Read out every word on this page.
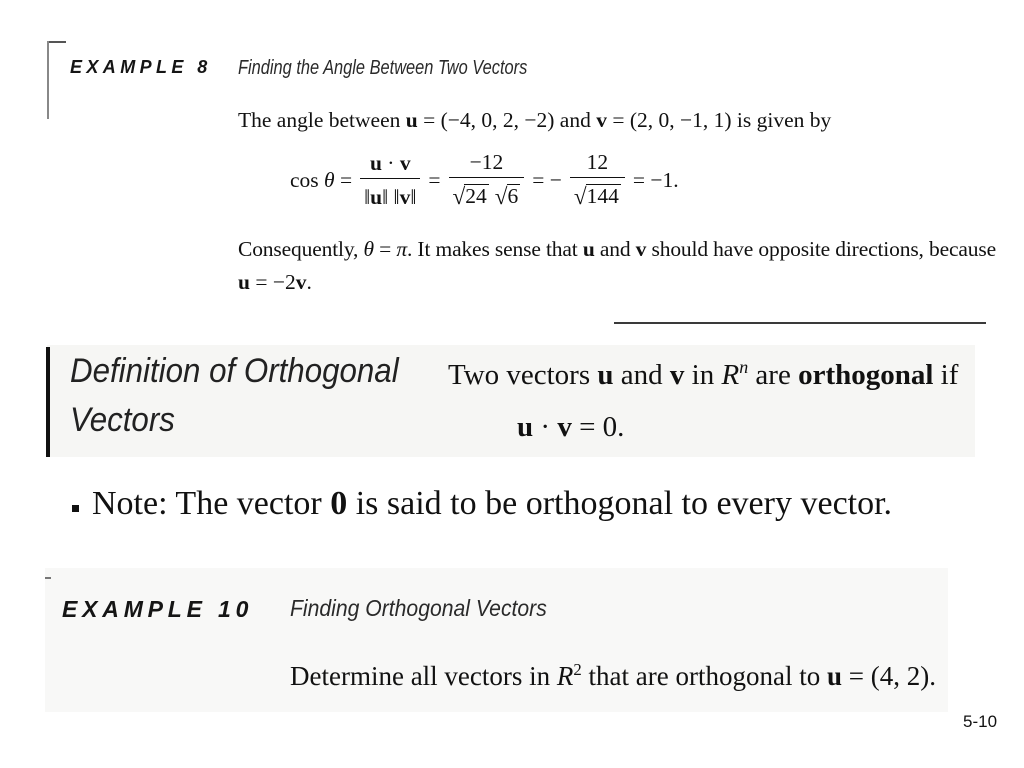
EXAMPLE 8 Finding the Angle Between Two Vectors
The angle between u = (−4, 0, 2, −2) and v = (2, 0, −1, 1) is given by
$\cos \theta = \frac{u \cdot v}{‖u‖ ‖v‖} = \frac{-12}{√24 √6}$ = − $\frac{12}{√144} = -1$.
Consequently, θ = π. It makes sense that u and v should have opposite directions, because
u = −2v.
Definition of Orthogonal
Vectors
Two vectors u and v in $R^n$ are orthogonal if
u · v = 0.
Note: The vector 0 is said to be orthogonal to every vector.
EXAMPLE 10 Finding Orthogonal Vectors
Determine all vectors in $R^2$ that are orthogonal to u = (4, 2).
5-10
